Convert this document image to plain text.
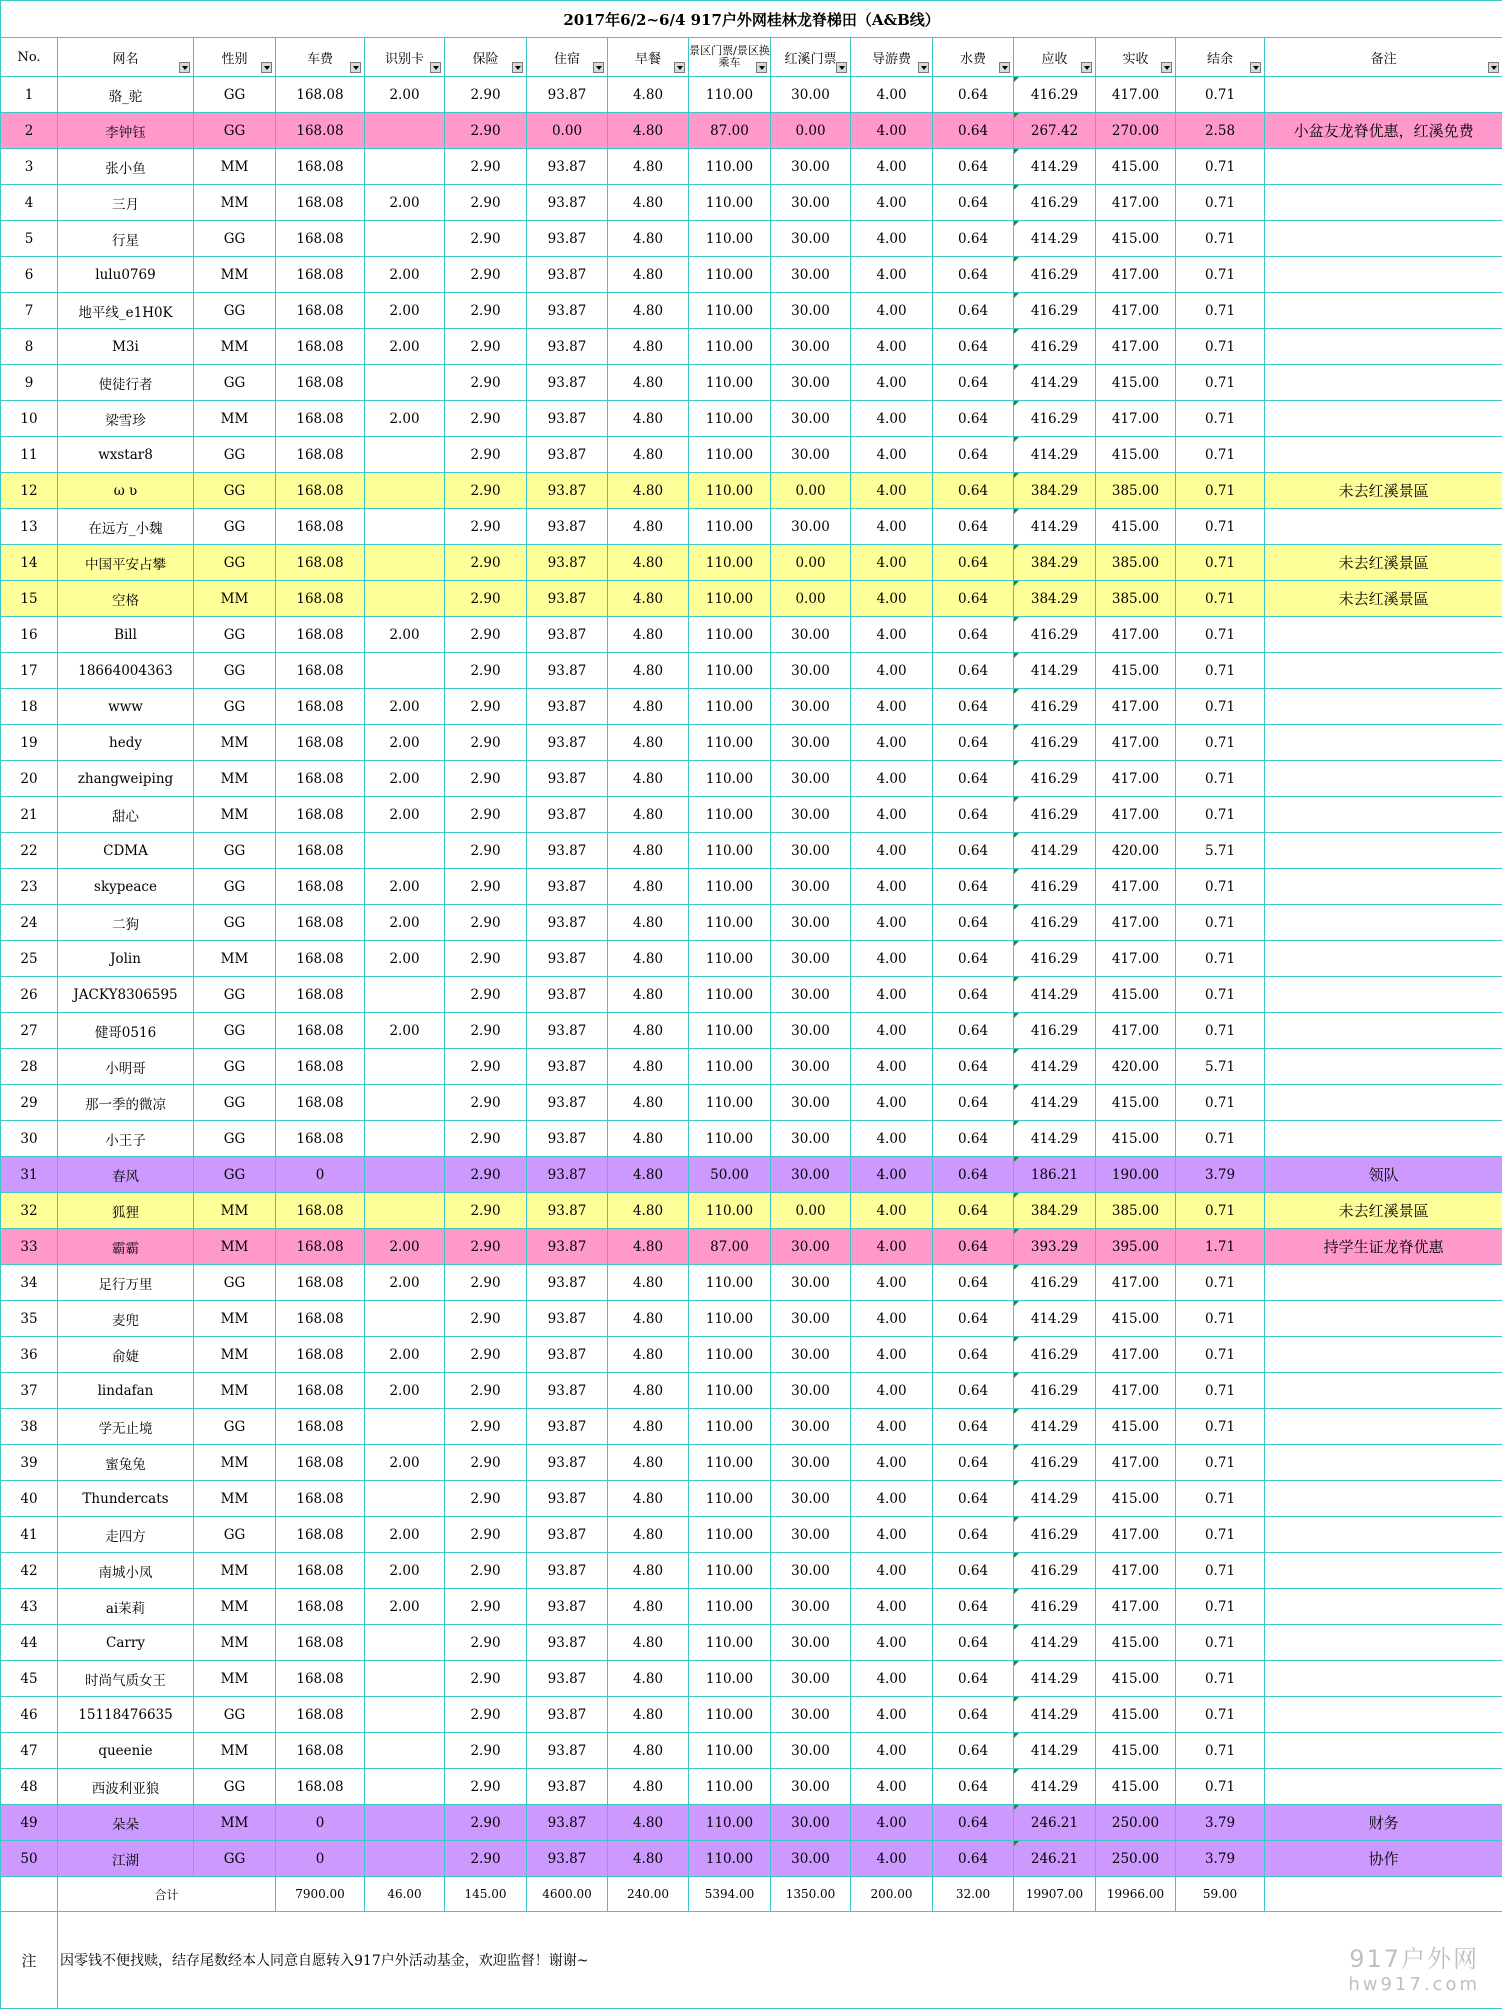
2017年6/2~6/4 917户外网桂林龙脊梯田（A&B线）															
No.	网名	性别	车费	识别卡	保险	住宿	早餐	景区门票/景区换乘车	红溪门票	导游费	水费	应收	实收	结余	备注

1	骆_驼	GG	168.08	2.00	2.90	93.87	4.80	110.00	30.00	4.00	0.64	416.29	417.00	0.71	
2	李钟钰	GG	168.08		2.90	0.00	4.80	87.00	0.00	4.00	0.64	267.42	270.00	2.58	小盆友龙脊优惠，红溪免费
3	张小鱼	MM	168.08		2.90	93.87	4.80	110.00	30.00	4.00	0.64	414.29	415.00	0.71	
4	三月	MM	168.08	2.00	2.90	93.87	4.80	110.00	30.00	4.00	0.64	416.29	417.00	0.71	
5	行星	GG	168.08		2.90	93.87	4.80	110.00	30.00	4.00	0.64	414.29	415.00	0.71	
6	lulu0769	MM	168.08	2.00	2.90	93.87	4.80	110.00	30.00	4.00	0.64	416.29	417.00	0.71	
7	地平线_e1H0K	GG	168.08	2.00	2.90	93.87	4.80	110.00	30.00	4.00	0.64	416.29	417.00	0.71	
8	M3i	MM	168.08	2.00	2.90	93.87	4.80	110.00	30.00	4.00	0.64	416.29	417.00	0.71	
9	使徒行者	GG	168.08		2.90	93.87	4.80	110.00	30.00	4.00	0.64	414.29	415.00	0.71	
10	梁雪珍	MM	168.08	2.00	2.90	93.87	4.80	110.00	30.00	4.00	0.64	416.29	417.00	0.71	
11	wxstar8	GG	168.08		2.90	93.87	4.80	110.00	30.00	4.00	0.64	414.29	415.00	0.71	
12	ω ʋ	GG	168.08		2.90	93.87	4.80	110.00	0.00	4.00	0.64	384.29	385.00	0.71	未去红溪景區
13	在远方_小魏	GG	168.08		2.90	93.87	4.80	110.00	30.00	4.00	0.64	414.29	415.00	0.71	
14	中国平安占攀	GG	168.08		2.90	93.87	4.80	110.00	0.00	4.00	0.64	384.29	385.00	0.71	未去红溪景區
15	空格	MM	168.08		2.90	93.87	4.80	110.00	0.00	4.00	0.64	384.29	385.00	0.71	未去红溪景區
16	Bill	GG	168.08	2.00	2.90	93.87	4.80	110.00	30.00	4.00	0.64	416.29	417.00	0.71	
17	18664004363	GG	168.08		2.90	93.87	4.80	110.00	30.00	4.00	0.64	414.29	415.00	0.71	
18	www	GG	168.08	2.00	2.90	93.87	4.80	110.00	30.00	4.00	0.64	416.29	417.00	0.71	
19	hedy	MM	168.08	2.00	2.90	93.87	4.80	110.00	30.00	4.00	0.64	416.29	417.00	0.71	
20	zhangweiping	MM	168.08	2.00	2.90	93.87	4.80	110.00	30.00	4.00	0.64	416.29	417.00	0.71	
21	甜心	MM	168.08	2.00	2.90	93.87	4.80	110.00	30.00	4.00	0.64	416.29	417.00	0.71	
22	CDMA	GG	168.08		2.90	93.87	4.80	110.00	30.00	4.00	0.64	414.29	420.00	5.71	
23	skypeace	GG	168.08	2.00	2.90	93.87	4.80	110.00	30.00	4.00	0.64	416.29	417.00	0.71	
24	二狗	GG	168.08	2.00	2.90	93.87	4.80	110.00	30.00	4.00	0.64	416.29	417.00	0.71	
25	Jolin	MM	168.08	2.00	2.90	93.87	4.80	110.00	30.00	4.00	0.64	416.29	417.00	0.71	
26	JACKY8306595	GG	168.08		2.90	93.87	4.80	110.00	30.00	4.00	0.64	414.29	415.00	0.71	
27	健哥0516	GG	168.08	2.00	2.90	93.87	4.80	110.00	30.00	4.00	0.64	416.29	417.00	0.71	
28	小明哥	GG	168.08		2.90	93.87	4.80	110.00	30.00	4.00	0.64	414.29	420.00	5.71	
29	那一季的微凉	GG	168.08		2.90	93.87	4.80	110.00	30.00	4.00	0.64	414.29	415.00	0.71	
30	小王子	GG	168.08		2.90	93.87	4.80	110.00	30.00	4.00	0.64	414.29	415.00	0.71	
31	春风	GG	0		2.90	93.87	4.80	50.00	30.00	4.00	0.64	186.21	190.00	3.79	领队
32	狐狸	MM	168.08		2.90	93.87	4.80	110.00	0.00	4.00	0.64	384.29	385.00	0.71	未去红溪景區
33	霸霸	MM	168.08	2.00	2.90	93.87	4.80	87.00	30.00	4.00	0.64	393.29	395.00	1.71	持学生证龙脊优惠
34	足行万里	GG	168.08	2.00	2.90	93.87	4.80	110.00	30.00	4.00	0.64	416.29	417.00	0.71	
35	麦兜	MM	168.08		2.90	93.87	4.80	110.00	30.00	4.00	0.64	414.29	415.00	0.71	
36	俞婕	MM	168.08	2.00	2.90	93.87	4.80	110.00	30.00	4.00	0.64	416.29	417.00	0.71	
37	lindafan	MM	168.08	2.00	2.90	93.87	4.80	110.00	30.00	4.00	0.64	416.29	417.00	0.71	
38	学无止境	GG	168.08		2.90	93.87	4.80	110.00	30.00	4.00	0.64	414.29	415.00	0.71	
39	蜜兔兔	MM	168.08	2.00	2.90	93.87	4.80	110.00	30.00	4.00	0.64	416.29	417.00	0.71	
40	Thundercats	MM	168.08		2.90	93.87	4.80	110.00	30.00	4.00	0.64	414.29	415.00	0.71	
41	走四方	GG	168.08	2.00	2.90	93.87	4.80	110.00	30.00	4.00	0.64	416.29	417.00	0.71	
42	南城小凤	MM	168.08	2.00	2.90	93.87	4.80	110.00	30.00	4.00	0.64	416.29	417.00	0.71	
43	ai茉莉	MM	168.08	2.00	2.90	93.87	4.80	110.00	30.00	4.00	0.64	416.29	417.00	0.71	
44	Carry	MM	168.08		2.90	93.87	4.80	110.00	30.00	4.00	0.64	414.29	415.00	0.71	
45	时尚气质女王	MM	168.08		2.90	93.87	4.80	110.00	30.00	4.00	0.64	414.29	415.00	0.71	
46	15118476635	GG	168.08		2.90	93.87	4.80	110.00	30.00	4.00	0.64	414.29	415.00	0.71	
47	queenie	MM	168.08		2.90	93.87	4.80	110.00	30.00	4.00	0.64	414.29	415.00	0.71	
48	西波利亚狼	GG	168.08		2.90	93.87	4.80	110.00	30.00	4.00	0.64	414.29	415.00	0.71	
49	朵朵	MM	0		2.90	93.87	4.80	110.00	30.00	4.00	0.64	246.21	250.00	3.79	财务
50	江湖	GG	0		2.90	93.87	4.80	110.00	30.00	4.00	0.64	246.21	250.00	3.79	协作
	合计		7900.00	46.00	145.00	4600.00	240.00	5394.00	1350.00	200.00	32.00	19907.00	19966.00	59.00	
注	因零钱不便找赎，结存尾数经本人同意自愿转入917户外活动基金，欢迎监督！谢谢~															917户外网
hw917.com
